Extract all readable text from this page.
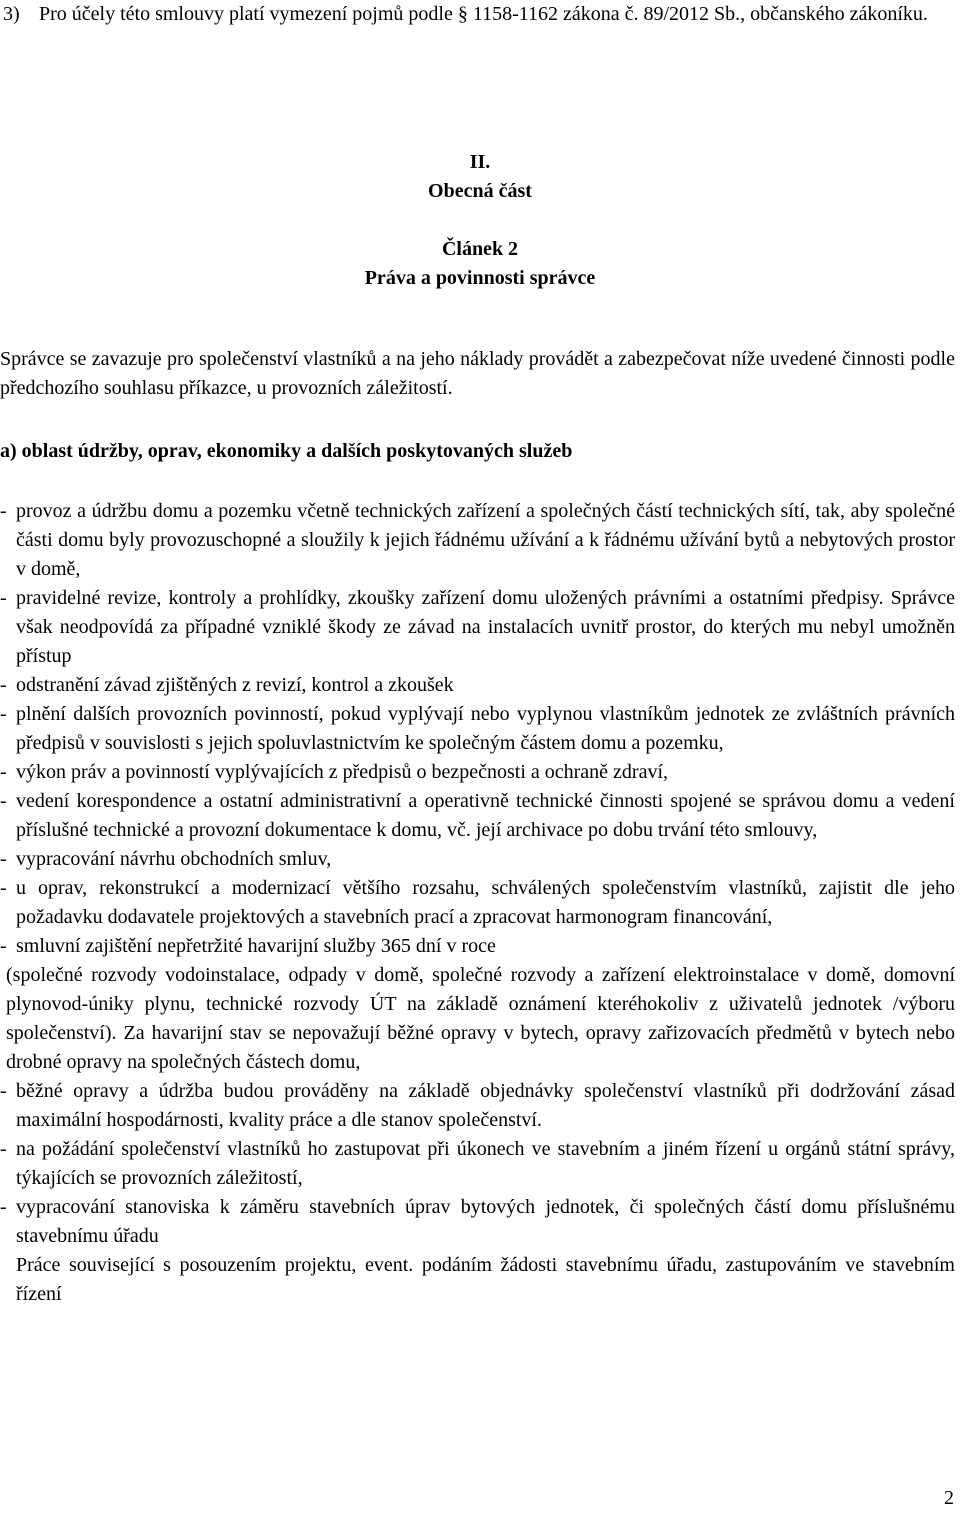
3) Pro účely této smlouvy platí vymezení pojmů podle § 1158-1162 zákona č. 89/2012 Sb., občanského zákoníku.
II.
Obecná část
Článek 2
Práva a povinnosti správce
Správce se zavazuje pro společenství vlastníků a na jeho náklady provádět a zabezpečovat níže uvedené činnosti podle předchozího souhlasu příkazce, u provozních záležitostí.
a) oblast údržby, oprav, ekonomiky a dalších poskytovaných služeb
- provoz a údržbu domu a pozemku včetně technických zařízení a společných částí technických sítí, tak, aby společné části domu byly provozuschopné a sloužily k jejich řádnému užívání a k řádnému užívání bytů a nebytových prostor v domě,
- pravidelné revize, kontroly a prohlídky, zkoušky zařízení domu uložených právními a ostatními předpisy. Správce však neodpovídá za případné vzniklé škody ze závad na instalacích uvnitř prostor, do kterých mu nebyl umožněn přístup
- odstranění závad zjištěných z revizí, kontrol a zkoušek
- plnění dalších provozních povinností, pokud vyplývají nebo vyplynou vlastníkům jednotek ze zvláštních právních předpisů v souvislosti s jejich spoluvlastnictvím ke společným částem domu a pozemku,
- výkon práv a povinností vyplývajících z předpisů o bezpečnosti a ochraně zdraví,
- vedení korespondence a ostatní administrativní a operativně technické činnosti spojené se správou domu a vedení příslušné technické a provozní dokumentace k domu, vč. její archivace po dobu trvání této smlouvy,
- vypracování návrhu obchodních smluv,
- u oprav, rekonstrukcí a modernizací většího rozsahu, schválených společenstvím vlastníků, zajistit dle jeho požadavku dodavatele projektových a stavebních prací a zpracovat harmonogram financování,
- smluvní zajištění nepřetržité havarijní služby 365 dní v roce
(společné rozvody vodoinstalace, odpady v domě, společné rozvody a zařízení elektroinstalace v domě, domovní plynovod-úniky plynu, technické rozvody ÚT na základě oznámení kteréhokoliv z uživatelů jednotek /výboru společenství). Za havarijní stav se nepovažují běžné opravy v bytech, opravy zařizovacích předmětů v bytech nebo drobné opravy na společných částech domu,
- běžné opravy a údržba budou prováděny na základě objednávky společenství vlastníků při dodržování zásad maximální hospodárnosti, kvality práce a dle stanov společenství.
- na požádání společenství vlastníků ho zastupovat při úkonech ve stavebním a jiném řízení u orgánů státní správy, týkajících se provozních záležitostí,
- vypracování stanoviska k záměru stavebních úprav bytových jednotek, či společných částí domu příslušnému stavebnímu úřadu
Práce související s posouzením projektu, event. podáním žádosti stavebnímu úřadu, zastupováním ve stavebním řízení
2
